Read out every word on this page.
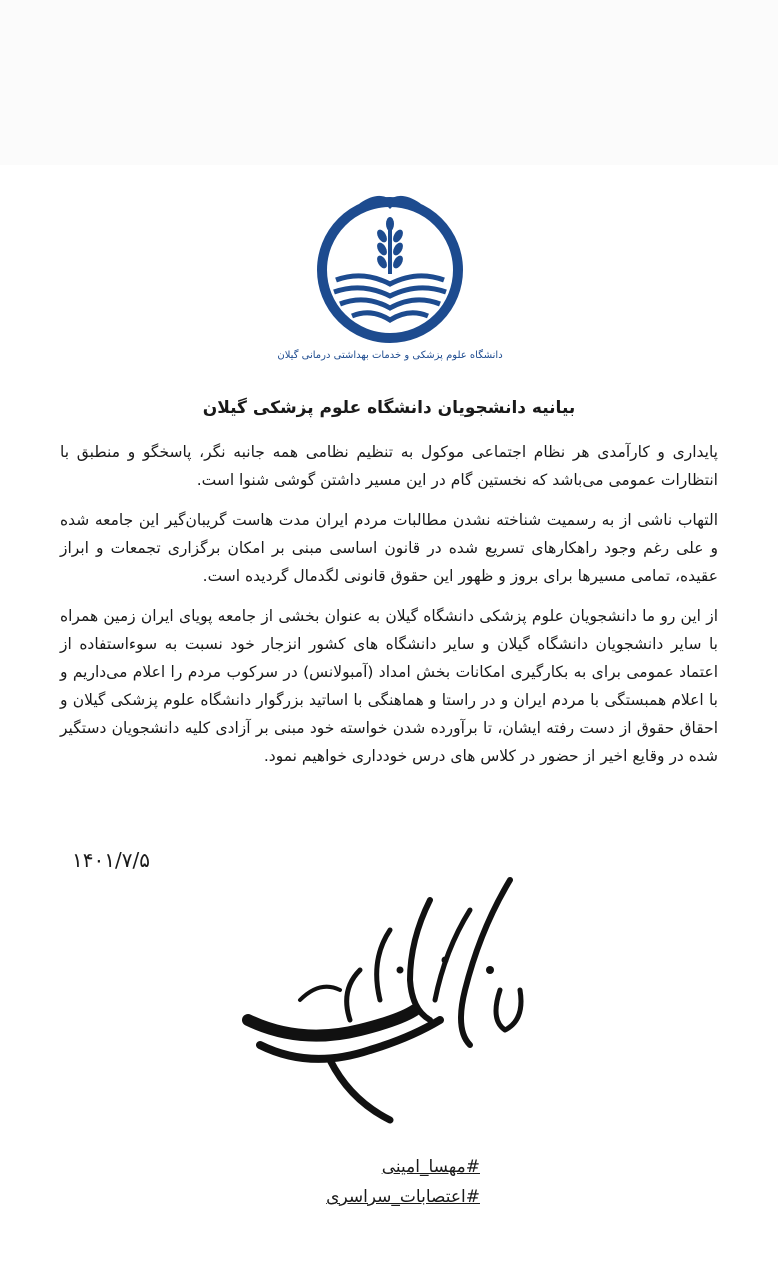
دانشگاه علوم پزشکی و خدمات بهداشتی درمانی گیلان
بیانیه دانشجویان دانشگاه علوم پزشکی گیلان

پایداری و کارآمدی هر نظام اجتماعی موکول به تنظیم نظامی همه جانبه نگر، پاسخگو و منطبق با انتظارات عمومی می‌باشد که نخستین گام در این مسیر داشتن گوشی شنوا است.

التهاب ناشی از به رسمیت شناخته نشدن مطالبات مردم ایران مدت هاست گریبان‌گیر این جامعه شده و علی رغم وجود راهکارهای تسریع شده در قانون اساسی مبنی بر امکان برگزاری تجمعات و ابراز عقیده، تمامی مسیرها برای بروز و ظهور این حقوق قانونی لگدمال گردیده است.

از این رو ما دانشجویان علوم پزشکی دانشگاه گیلان به عنوان بخشی از جامعه پویای ایران زمین همراه با سایر دانشجویان دانشگاه گیلان و سایر دانشگاه های کشور انزجار خود نسبت به سوءاستفاده از اعتماد عمومی برای به بکارگیری امکانات بخش امداد (آمبولانس) در سرکوب مردم را اعلام می‌داریم و با اعلام همبستگی با مردم ایران و در راستا و هماهنگی با اساتید بزرگوار دانشگاه علوم پزشکی گیلان و احقاق حقوق از دست رفته ایشان، تا برآورده شدن خواسته خود مبنی بر آزادی کلیه دانشجویان دستگیر شده در وقایع اخیر از حضور در کلاس های درس خودداری خواهیم نمود.

۱۴۰۱/۷/۵
زن زندگی آزادی
#مهسا_امینی
#اعتصابات_سراسری
